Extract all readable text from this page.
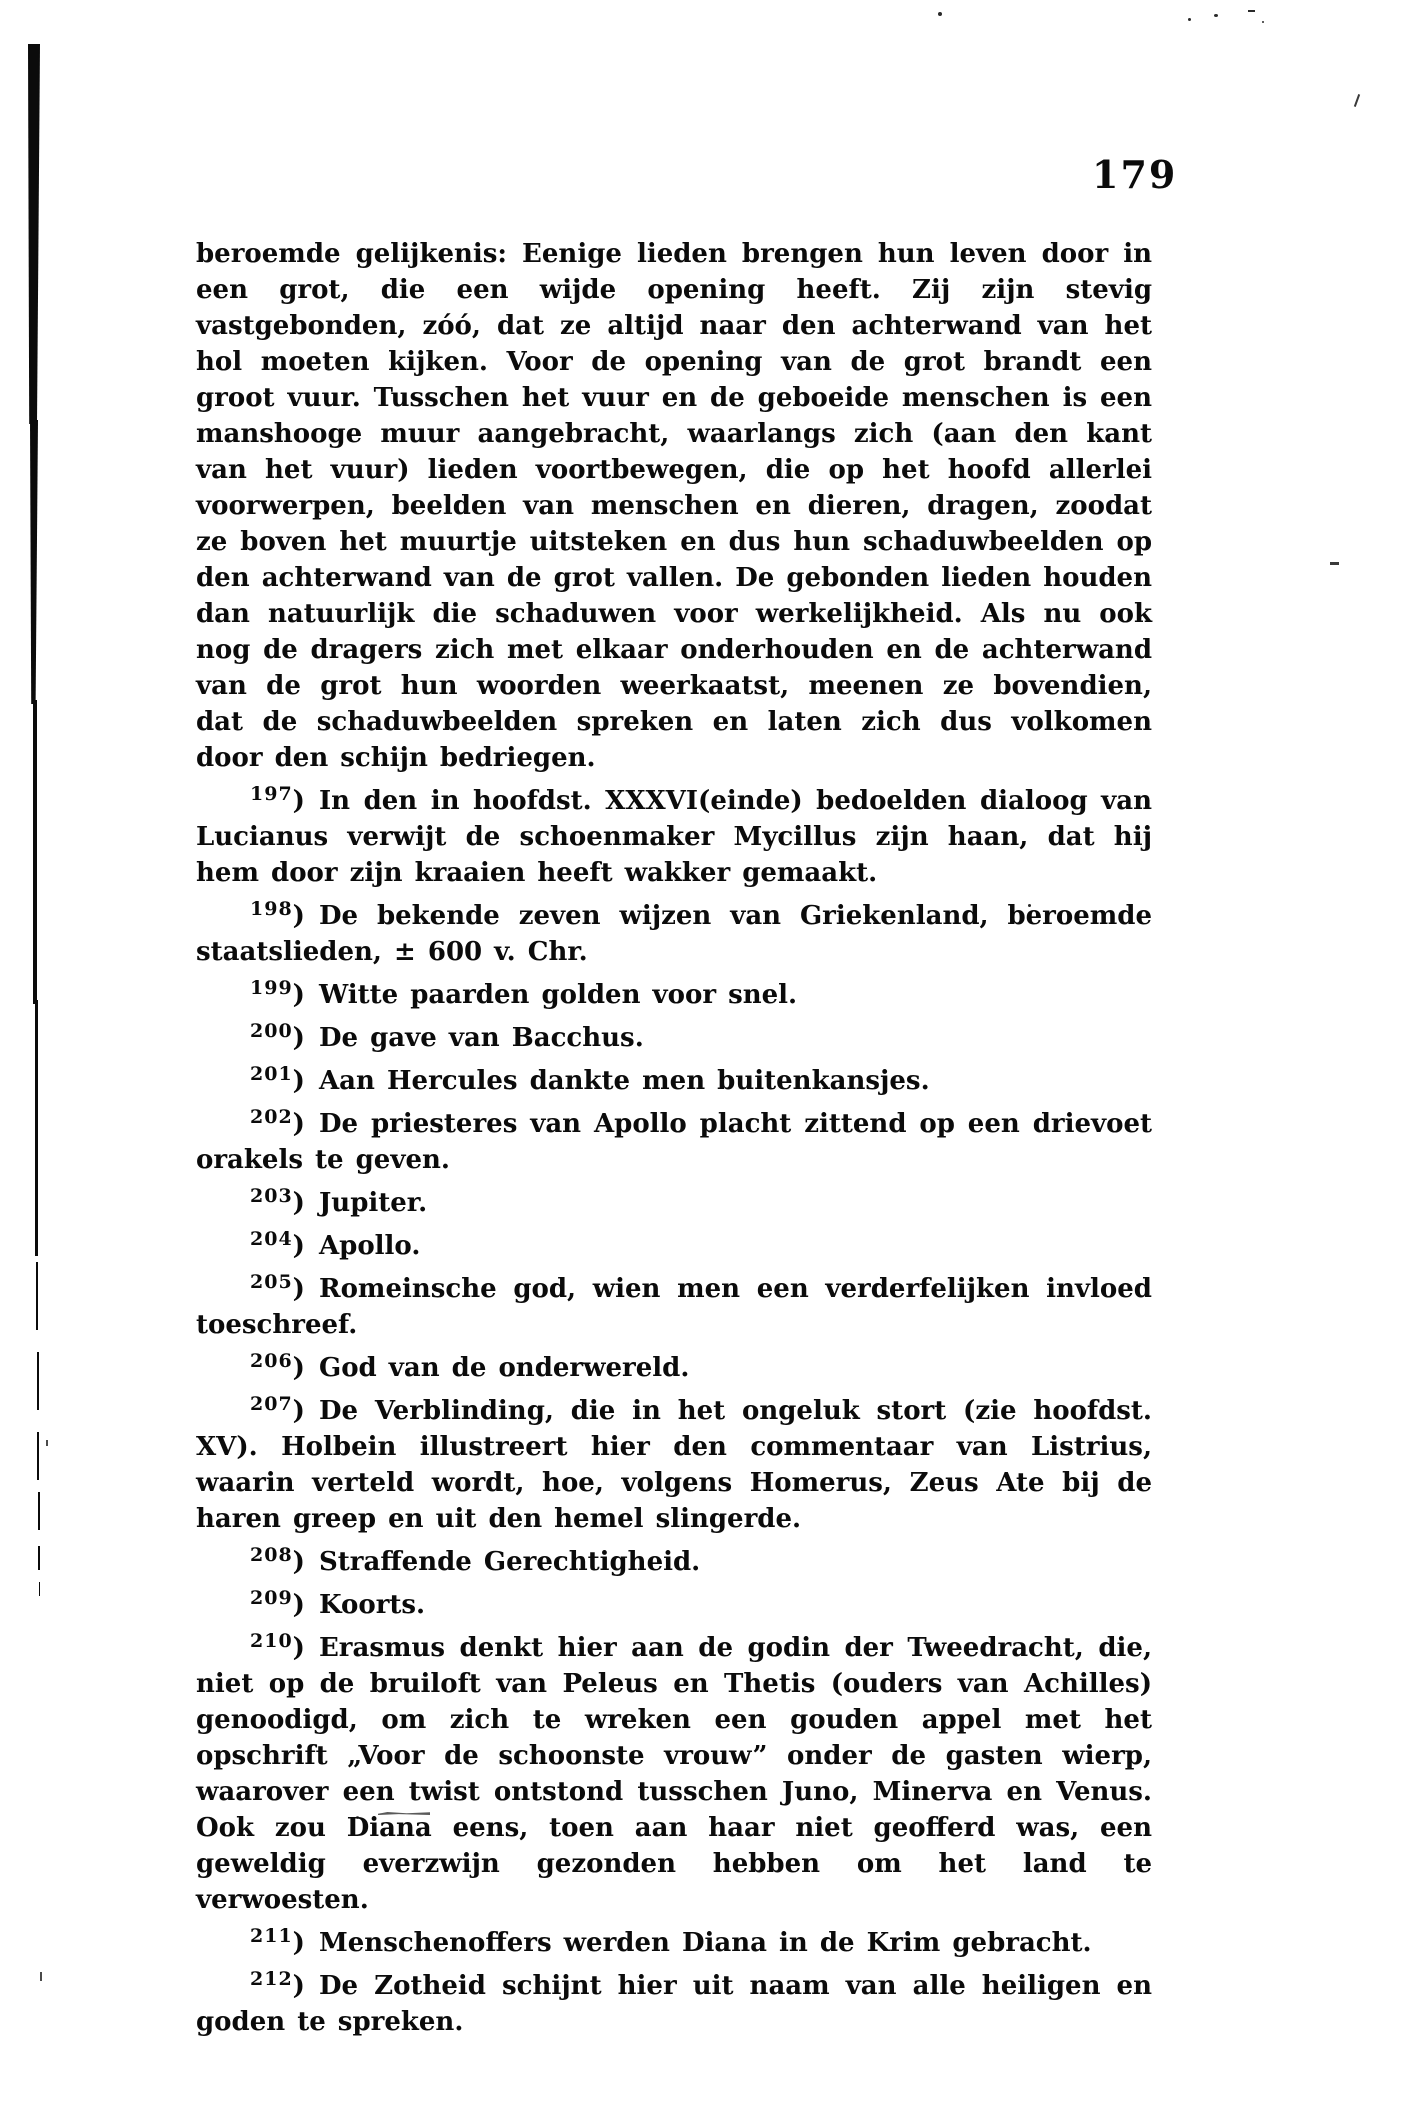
179

beroemde gelijkenis: Eenige lieden brengen hun leven door in een grot, die een wijde opening heeft. Zij zijn stevig vastgebonden, zóó, dat ze altijd naar den achterwand van het hol moeten kijken. Voor de opening van de grot brandt een groot vuur. Tusschen het vuur en de geboeide menschen is een manshooge muur aangebracht, waarlangs zich (aan den kant van het vuur) lieden voortbewegen, die op het hoofd allerlei voorwerpen, beelden van menschen en dieren, dragen, zoodat ze boven het muurtje uitsteken en dus hun schaduwbeelden op den achterwand van de grot vallen. De gebonden lieden houden dan natuurlijk die schaduwen voor werkelijkheid. Als nu ook nog de dragers zich met elkaar onderhouden en de achterwand van de grot hun woorden weerkaatst, meenen ze bovendien, dat de schaduwbeelden spreken en laten zich dus volkomen door den schijn bedriegen.

$^{197}$) In den in hoofdst. XXXVI(einde) bedoelden dialoog van Lucianus verwijt de schoenmaker Mycillus zijn haan, dat hij hem door zijn kraaien heeft wakker gemaakt.

$^{198}$) De bekende zeven wijzen van Griekenland, beroemde staatslieden, ± 600 v. Chr.

$^{199}$) Witte paarden golden voor snel.

$^{200}$) De gave van Bacchus.

$^{201}$) Aan Hercules dankte men buitenkansjes.

$^{202}$) De priesteres van Apollo placht zittend op een drievoet orakels te geven.

$^{203}$) Jupiter.

$^{204}$) Apollo.

$^{205}$) Romeinsche god, wien men een verderfelijken invloed toeschreef.

$^{206}$) God van de onderwereld.

$^{207}$) De Verblinding, die in het ongeluk stort (zie hoofdst. XV). Holbein illustreert hier den commentaar van Listrius, waarin verteld wordt, hoe, volgens Homerus, Zeus Ate bij de haren greep en uit den hemel slingerde.

$^{208}$) Straffende Gerechtigheid.

$^{209}$) Koorts.

$^{210}$) Erasmus denkt hier aan de godin der Tweedracht, die, niet op de bruiloft van Peleus en Thetis (ouders van Achilles) genoodigd, om zich te wreken een gouden appel met het opschrift „Voor de schoonste vrouw” onder de gasten wierp, waarover een twist ontstond tusschen Juno, Minerva en Venus. Ook zou Diana eens, toen aan haar niet geofferd was, een geweldig everzwijn gezonden hebben om het land te verwoesten.

$^{211}$) Menschenoffers werden Diana in de Krim gebracht.

$^{212}$) De Zotheid schijnt hier uit naam van alle heiligen en goden te spreken.
